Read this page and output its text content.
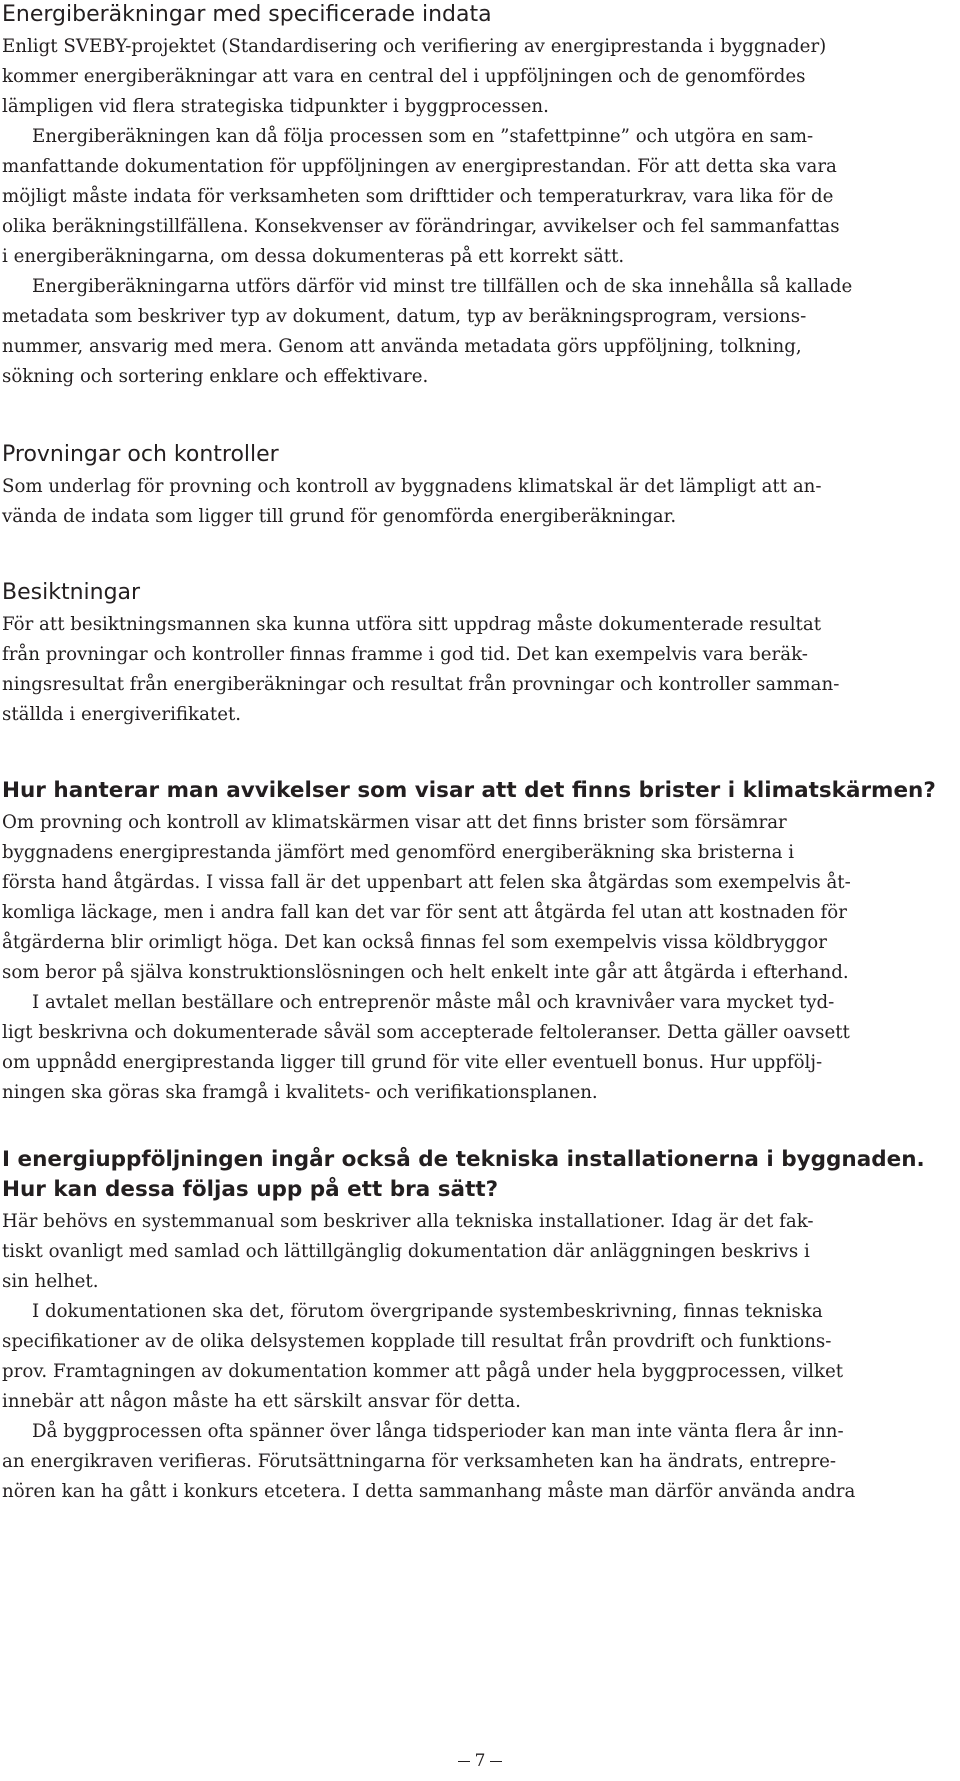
Energiberäkningar med specificerade indata
Enligt SVEBY-projektet (Standardisering och verifiering av energiprestanda i byggnader)
kommer energiberäkningar att vara en central del i uppföljningen och de genomfördes
lämpligen vid flera strategiska tidpunkter i byggprocessen.
Energiberäkningen kan då följa processen som en ”stafettpinne” och utgöra en sam-
manfattande dokumentation för uppföljningen av energiprestandan. För att detta ska vara
möjligt måste indata för verksamheten som drifttider och temperaturkrav, vara lika för de
olika beräkningstillfällena. Konsekvenser av förändringar, avvikelser och fel sammanfattas
i energiberäkningarna, om dessa dokumenteras på ett korrekt sätt.
Energiberäkningarna utförs därför vid minst tre tillfällen och de ska innehålla så kallade
metadata som beskriver typ av dokument, datum, typ av beräkningsprogram, versions-
nummer, ansvarig med mera. Genom att använda metadata görs uppföljning, tolkning,
sökning och sortering enklare och effektivare.
Provningar och kontroller
Som underlag för provning och kontroll av byggnadens klimatskal är det lämpligt att an-
vända de indata som ligger till grund för genomförda energiberäkningar.
Besiktningar
För att besiktningsmannen ska kunna utföra sitt uppdrag måste dokumenterade resultat
från provningar och kontroller finnas framme i god tid. Det kan exempelvis vara beräk-
ningsresultat från energiberäkningar och resultat från provningar och kontroller samman-
ställda i energiverifikatet.
Hur hanterar man avvikelser som visar att det finns brister i klimatskärmen?
Om provning och kontroll av klimatskärmen visar att det finns brister som försämrar
byggnadens energiprestanda jämfört med genomförd energiberäkning ska bristerna i
första hand åtgärdas. I vissa fall är det uppenbart att felen ska åtgärdas som exempelvis åt-
komliga läckage, men i andra fall kan det var för sent att åtgärda fel utan att kostnaden för
åtgärderna blir orimligt höga. Det kan också finnas fel som exempelvis vissa köldbryggor
som beror på själva konstruktionslösningen och helt enkelt inte går att åtgärda i efterhand.
I avtalet mellan beställare och entreprenör måste mål och kravnivåer vara mycket tyd-
ligt beskrivna och dokumenterade såväl som accepterade feltoleranser. Detta gäller oavsett
om uppnådd energiprestanda ligger till grund för vite eller eventuell bonus. Hur uppfölj-
ningen ska göras ska framgå i kvalitets- och verifikationsplanen.
I energiuppföljningen ingår också de tekniska installationerna i byggnaden.
Hur kan dessa följas upp på ett bra sätt?
Här behövs en systemmanual som beskriver alla tekniska installationer. Idag är det fak-
tiskt ovanligt med samlad och lättillgänglig dokumentation där anläggningen beskrivs i
sin helhet.
I dokumentationen ska det, förutom övergripande systembeskrivning, finnas tekniska
specifikationer av de olika delsystemen kopplade till resultat från provdrift och funktions-
prov. Framtagningen av dokumentation kommer att pågå under hela byggprocessen, vilket
innebär att någon måste ha ett särskilt ansvar för detta.
Då byggprocessen ofta spänner över långa tidsperioder kan man inte vänta flera år inn-
an energikraven verifieras. Förutsättningarna för verksamheten kan ha ändrats, entrepre-
nören kan ha gått i konkurs etcetera. I detta sammanhang måste man därför använda andra
7
